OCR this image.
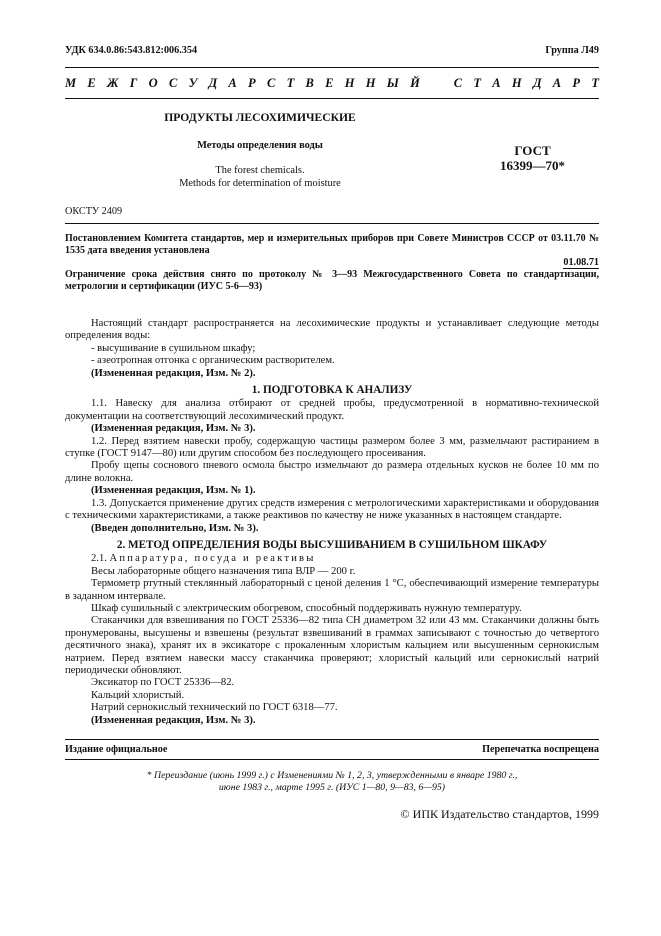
УДК 634.0.86:543.812:006.354	Группа Л49
М Е Ж Г О С У Д А Р С Т В Е Н Н Ы Й	С Т А Н Д А Р Т
ПРОДУКТЫ ЛЕСОХИМИЧЕСКИЕ
Методы определения воды
The forest chemicals.
Methods for determination of moisture
ГОСТ
16399—70*
ОКСТУ 2409
Постановлением Комитета стандартов, мер и измерительных приборов при Совете Министров СССР от 03.11.70 № 1535 дата введения установлена
01.08.71
Ограничение срока действия снято по протоколу № 3—93 Межгосударственного Совета по стандартизации, метрологии и сертификации (ИУС 5-6—93)

Настоящий стандарт распространяется на лесохимические продукты и устанавливает следующие методы определения воды:

- высушивание в сушильном шкафу;

- азеотропная отгонка с органическим растворителем.

(Измененная редакция, Изм. № 2).

1. ПОДГОТОВКА К АНАЛИЗУ

1.1. Навеску для анализа отбирают от средней пробы, предусмотренной в нормативно-технической документации на соответствующий лесохимический продукт.

(Измененная редакция, Изм. № 3).

1.2. Перед взятием навески пробу, содержащую частицы размером более 3 мм, размельчают растиранием в ступке (ГОСТ 9147—80) или другим способом без последующего просеивания.

Пробу щепы соснового пневого осмола быстро измельчают до размера отдельных кусков не более 10 мм по длине волокна.

(Измененная редакция, Изм. № 1).

1.3. Допускается применение других средств измерения с метрологическими характеристиками и оборудования с техническими характеристиками, а также реактивов по качеству не ниже указанных в настоящем стандарте.

(Введен дополнительно, Изм. № 3).

2. МЕТОД ОПРЕДЕЛЕНИЯ ВОДЫ ВЫСУШИВАНИЕМ В СУШИЛЬНОМ ШКАФУ

2.1. Аппаратура, посуда и реактивы

Весы лабораторные общего назначения типа ВЛР — 200 г.

Термометр ртутный стеклянный лабораторный с ценой деления 1 °С, обеспечивающий измерение температуры в заданном интервале.

Шкаф сушильный с электрическим обогревом, способный поддерживать нужную температуру.

Стаканчики для взвешивания по ГОСТ 25336—82 типа СН диаметром 32 или 43 мм. Стаканчики должны быть пронумерованы, высушены и взвешены (результат взвешиваний в граммах записывают с точностью до четвертого десятичного знака), хранят их в эксикаторе с прокаленным хлористым кальцием или высушенным сернокислым натрием. Перед взятием навески массу стаканчика проверяют; хлористый кальций или сернокислый натрий периодически обновляют.

Эксикатор по ГОСТ 25336—82.

Кальций хлористый.

Натрий сернокислый технический по ГОСТ 6318—77.

(Измененная редакция, Изм. № 3).

Издание официальное	Перепечатка воспрещена
* Переиздание (июнь 1999 г.) с Изменениями № 1, 2, 3, утвержденными в январе 1980 г.,
июне 1983 г., марте 1995 г. (ИУС 1—80, 9—83, 6—95)
© ИПК Издательство стандартов, 1999
